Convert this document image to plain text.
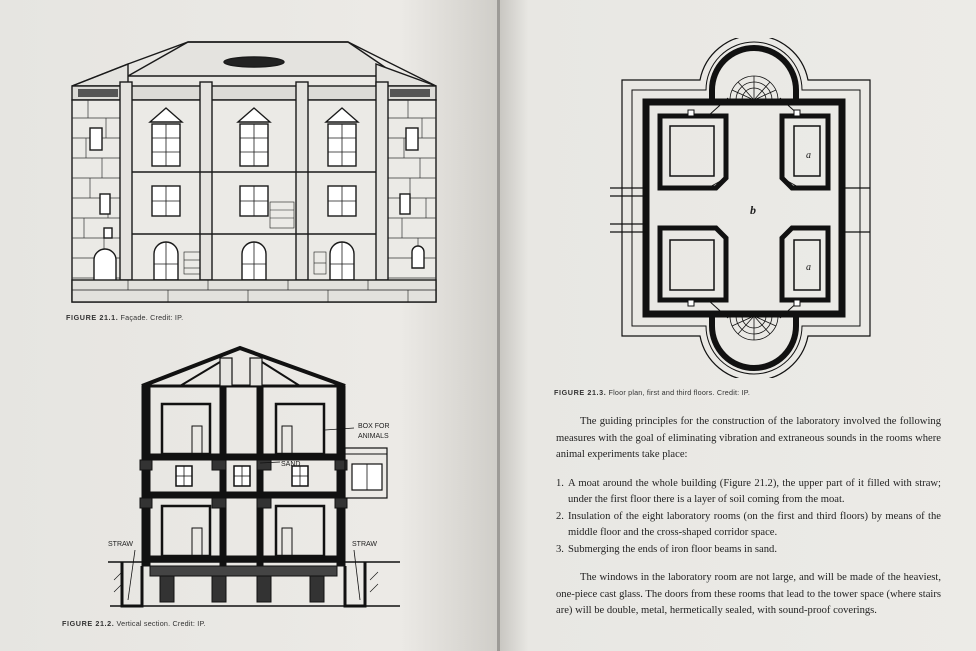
FIGURE 21.1. Façade. Credit: IP.
BOX FOR
ANIMALS
SAND
STRAW	STRAW
FIGURE 21.2. Vertical section. Credit: IP.
a
a
b
FIGURE 21.3. Floor plan, first and third floors. Credit: IP.

The guiding principles for the construction of the laboratory involved the following measures with the goal of eliminating vibration and extraneous sounds in the rooms where animal experiments take place:

1. A moat around the whole building (Figure 21.2), the upper part of it filled with straw; under the first floor there is a layer of soil coming from the moat.
2. Insulation of the eight laboratory rooms (on the first and third floors) by means of the middle floor and the cross-shaped corridor space.
3. Submerging the ends of iron floor beams in sand.

The windows in the laboratory room are not large, and will be made of the heaviest, one-piece cast glass. The doors from these rooms that lead to the tower space (where stairs are) will be double, metal, hermetically sealed, with sound-proof coverings.
